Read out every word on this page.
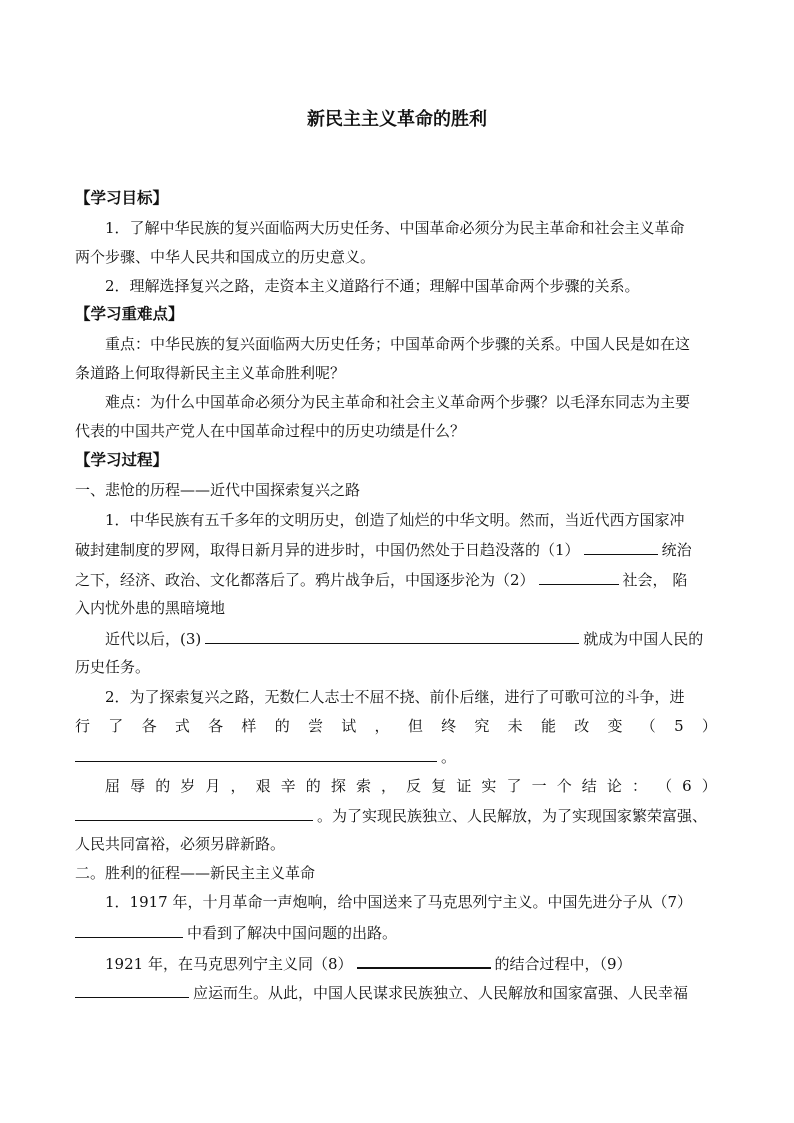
新民主主义革命的胜利
【学习目标】
1．了解中华民族的复兴面临两大历史任务、中国革命必须分为民主革命和社会主义革命
两个步骤、中华人民共和国成立的历史意义。
2．理解选择复兴之路，走资本主义道路行不通；理解中国革命两个步骤的关系。
【学习重难点】
重点：中华民族的复兴面临两大历史任务；中国革命两个步骤的关系。中国人民是如在这
条道路上何取得新民主主义革命胜利呢？
难点：为什么中国革命必须分为民主革命和社会主义革命两个步骤？以毛泽东同志为主要
代表的中国共产党人在中国革命过程中的历史功绩是什么？
【学习过程】
一、悲怆的历程——近代中国探索复兴之路
1．中华民族有五千多年的文明历史，创造了灿烂的中华文明。然而，当近代西方国家冲
破封建制度的罗网，取得日新月异的进步时，中国仍然处于日趋没落的（1）	统治
之下，经济、政治、文化都落后了。鸦片战争后，中国逐步沦为（2）	社会， 陷
入内忧外患的黑暗境地
近代以后，(3)	就成为中国人民的
历史任务。
2．为了探索复兴之路，无数仁人志士不屈不挠、前仆后继，进行了可歌可泣的斗争，进
行 了 各 式 各 样 的 尝 试 ， 但 终 究 未 能 改 变 （ 5 ）
。
屈 辱 的 岁 月 ， 艰 辛 的 探 索 ， 反 复 证 实 了 一 个 结 论 ： （ 6 ）
。为了实现民族独立、人民解放，为了实现国家繁荣富强、
人民共同富裕，必须另辟新路。
二。胜利的征程——新民主主义革命
1．1917 年，十月革命一声炮响，给中国送来了马克思列宁主义。中国先进分子从（7）
中看到了解决中国问题的出路。
1921 年，在马克思列宁主义同（8）	的结合过程中，（9）
应运而生。从此，中国人民谋求民族独立、人民解放和国家富强、人民幸福
